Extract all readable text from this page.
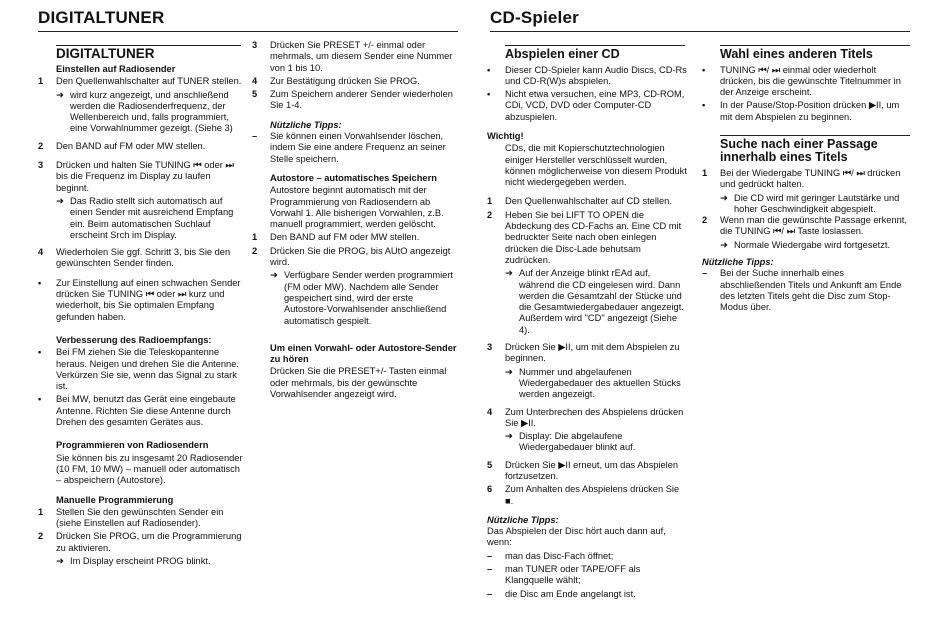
DIGITALTUNER	CD-Spieler
DIGITALTUNER
Einstellen auf Radiosender
1 Den Quellenwahlschalter auf TUNER stellen.
➜ wird kurz angezeigt, und anschließend werden die Radiosenderfrequenz, der Wellenbereich und, falls programmiert, eine Vorwahlnummer gezeigt. (Siehe 3)
2 Den BAND auf FM oder MW stellen.
3 Drücken und halten Sie TUNING ⏮ oder ⏭ bis die Frequenz im Display zu laufen beginnt.
➜ Das Radio stellt sich automatisch auf einen Sender mit ausreichend Empfang ein. Beim automatischen Suchlauf erscheint Srch im Display.
4 Wiederholen Sie ggf. Schritt 3, bis Sie den gewünschten Sender finden.
• Zur Einstellung auf einen schwachen Sender drücken Sie TUNING ⏮ oder ⏭ kurz und wiederholt, bis Sie optimalen Empfang gefunden haben.
Verbesserung des Radioempfangs:
• Bei FM ziehen Sie die Teleskopantenne heraus. Neigen und drehen Sie die Antenne. Verkürzen Sie sie, wenn das Signal zu stark ist.
• Bei MW, benutzt das Gerät eine eingebaute Antenne. Richten Sie diese Antenne durch Drehen des gesamten Gerätes aus.
Programmieren von Radiosendern
Sie können bis zu insgesamt 20 Radiosender (10 FM, 10 MW) – manuell oder automatisch – abspeichern (Autostore).
Manuelle Programmierung
1 Stellen Sie den gewünschten Sender ein (siehe Einstellen auf Radiosender).
2 Drücken Sie PROG, um die Programmierung zu aktivieren.
➜ Im Display erscheint PROG blinkt.
3 Drücken Sie PRESET +/- einmal oder mehrmals, um diesem Sender eine Nummer von 1 bis 10.
4 Zur Bestätigung drücken Sie PROG.
5 Zum Speichern anderer Sender wiederholen Sie 1-4.
Nützliche Tipps:
– Sie können einen Vorwahlsender löschen, indem Sie eine andere Frequenz an seiner Stelle speichern.
Autostore – automatisches Speichern
Autostore beginnt automatisch mit der Programmierung von Radiosendern ab Vorwahl 1. Alle bisherigen Vorwahlen, z.B. manuell programmiert, werden gelöscht.
1 Den BAND auf FM oder MW stellen.
2 Drücken Sie die PROG, bis AUtO angezeigt wird.
➜ Verfügbare Sender werden programmiert (FM oder MW). Nachdem alle Sender gespeichert sind, wird der erste Autostore-Vorwahlsender anschließend automatisch gespielt.
Um einen Vorwahl- oder Autostore-Sender zu hören
Drücken Sie die PRESET+/- Tasten einmal oder mehrmals, bis der gewünschte Vorwahlsender angezeigt wird.
Abspielen einer CD
• Dieser CD-Spieler kann Audio Discs, CD-Rs und CD-R(W)s abspielen.
• Nicht etwa versuchen, eine MP3, CD-ROM, CDi, VCD, DVD oder Computer-CD abzuspielen.
Wichtig!
CDs, die mit Kopierschutztechnologien einiger Hersteller verschlüsselt wurden, können möglicherweise von diesem Produkt nicht wiedergegeben werden.
1 Den Quellenwahlschalter auf CD stellen.
2 Heben Sie bei LIFT TO OPEN die Abdeckung des CD-Fachs an. Eine CD mit bedruckter Seite nach oben einlegen drücken die Disc-Lade behutsam zudrücken.
➜ Auf der Anzeige blinkt rEAd auf, während die CD eingelesen wird. Dann werden die Gesamtzahl der Stücke und die Gesamtwiedergabedauer angezeigt. Außerdem wird "CD" angezeigt (Siehe 4).
3 Drücken Sie ▶II, um mit dem Abspielen zu beginnen.
➜ Nummer und abgelaufenen Wiedergabedauer des aktuellen Stücks werden angezeigt.
4 Zum Unterbrechen des Abspielens drücken Sie ▶II.
➜ Display: Die abgelaufene Wiedergabedauer blinkt auf.
5 Drücken Sie ▶II erneut, um das Abspielen fortzusetzen.
6 Zum Anhalten des Abspielens drücken Sie ■.
Nützliche Tipps:
Das Abspielen der Disc hört auch dann auf, wenn:
– man das Disc-Fach öffnet;
– man TUNER oder TAPE/OFF als Klangquelle wählt;
– die Disc am Ende angelangt ist.
Wahl eines anderen Titels
• TUNING ⏮/ ⏭ einmal oder wiederholt drücken, bis die gewünschte Titelnummer in der Anzeige erscheint.
• In der Pause/Stop-Position drücken ▶II, um mit dem Abspielen zu beginnen.
Suche nach einer Passage innerhalb eines Titels
1 Bei der Wiedergabe TUNING ⏮/ ⏭ drücken und gedrückt halten.
➜ Die CD wird mit geringer Lautstärke und hoher Geschwindigkeit abgespielt.
2 Wenn man die gewünschte Passage erkennt, die TUNING ⏮/ ⏭ Taste loslassen.
➜ Normale Wiedergabe wird fortgesetzt.
Nützliche Tipps:
– Bei der Suche innerhalb eines abschließenden Titels und Ankunft am Ende des letzten Titels geht die Disc zum Stop-Modus über.
